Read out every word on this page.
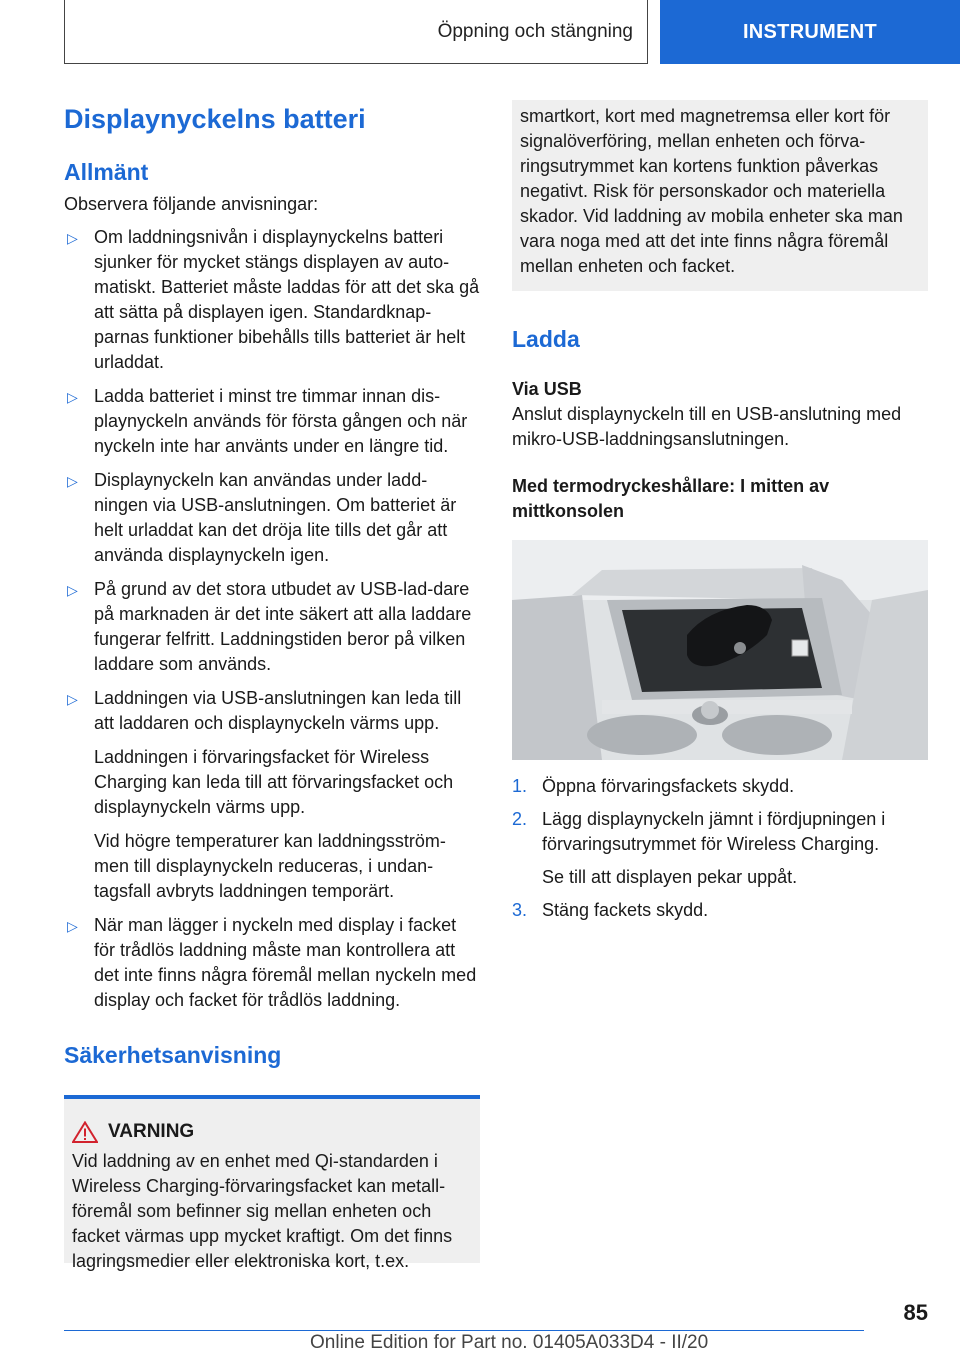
Öppning och stängning	INSTRUMENT
Displaynyckelns batteri
Allmänt

Observera följande anvisningar:

▷ Om laddningsnivån i displaynyckelns batteri sjunker för mycket stängs displayen av auto-matiskt. Batteriet måste laddas för att det ska gå att sätta på displayen igen. Standardknap-parnas funktioner bibehålls tills batteriet är helt urladdat.
▷ Ladda batteriet i minst tre timmar innan dis-playnyckeln används för första gången och när nyckeln inte har använts under en längre tid.
▷ Displaynyckeln kan användas under ladd-ningen via USB-anslutningen. Om batteriet är helt urladdat kan det dröja lite tills det går att använda displaynyckeln igen.
▷ På grund av det stora utbudet av USB-lad-dare på marknaden är det inte säkert att alla laddare fungerar felfritt. Laddningstiden beror på vilken laddare som används.
▷ Laddningen via USB-anslutningen kan leda till att laddaren och displaynyckeln värms upp.

Laddningen i förvaringsfacket för Wireless Charging kan leda till att förvaringsfacket och displaynyckeln värms upp.

Vid högre temperaturer kan laddningsström-men till displaynyckeln reduceras, i undan-tagsfall avbryts laddningen temporärt.

▷ När man lägger i nyckeln med display i facket för trådlös laddning måste man kontrollera att det inte finns några föremål mellan nyckeln med display och facket för trådlös laddning.
Säkerhetsanvisning
VARNING

Vid laddning av en enhet med Qi-standarden i Wireless Charging-förvaringsfacket kan metall-föremål som befinner sig mellan enheten och facket värmas upp mycket kraftigt. Om det finns lagringsmedier eller elektroniska kort, t.ex.

smartkort, kort med magnetremsa eller kort för signalöverföring, mellan enheten och förva-ringsutrymmet kan kortens funktion påverkas negativt. Risk för personskador och materiella skador. Vid laddning av mobila enheter ska man vara noga med att det inte finns några föremål mellan enheten och facket.

Ladda
Via USB

Anslut displaynyckeln till en USB-anslutning med mikro-USB-laddningsanslutningen.

Med termodryckeshållare: I mitten av mittkonsolen
1. Öppna förvaringsfackets skydd.
2. Lägg displaynyckeln jämnt i fördjupningen i förvaringsutrymmet för Wireless Charging.

Se till att displayen pekar uppåt.

3. Stäng fackets skydd.
85
Online Edition for Part no. 01405A033D4 - II/20
